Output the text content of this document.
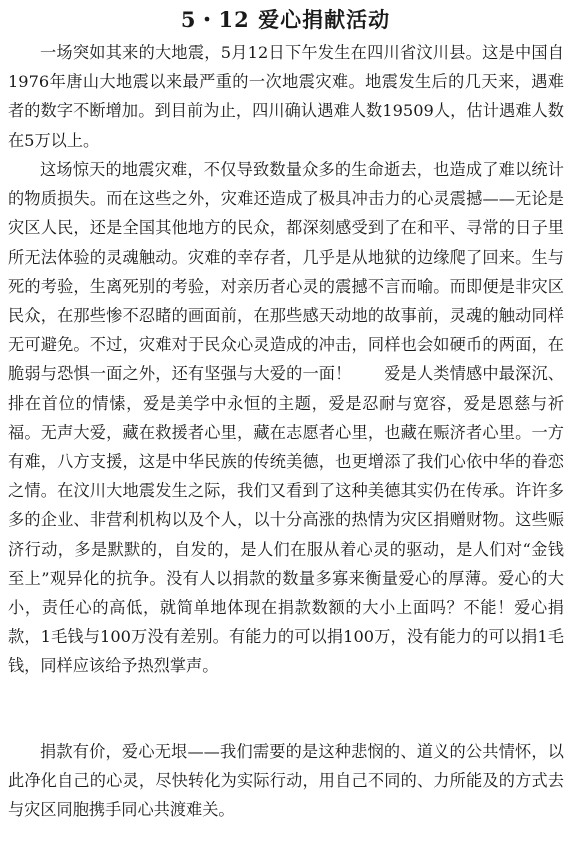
5・12 爱心捐献活动

一场突如其来的大地震，5月12日下午发生在四川省汶川县。这是中国自1976年唐山大地震以来最严重的一次地震灾难。地震发生后的几天来，遇难者的数字不断增加。到目前为止，四川确认遇难人数19509人，估计遇难人数在5万以上。

这场惊天的地震灾难，不仅导致数量众多的生命逝去，也造成了难以统计的物质损失。而在这些之外，灾难还造成了极具冲击力的心灵震撼——无论是灾区人民，还是全国其他地方的民众，都深刻感受到了在和平、寻常的日子里所无法体验的灵魂触动。灾难的幸存者，几乎是从地狱的边缘爬了回来。生与死的考验，生离死别的考验，对亲历者心灵的震撼不言而喻。而即便是非灾区民众，在那些惨不忍睹的画面前，在那些感天动地的故事前，灵魂的触动同样无可避免。不过，灾难对于民众心灵造成的冲击，同样也会如硬币的两面，在脆弱与恐惧一面之外，还有坚强与大爱的一面！　　爱是人类情感中最深沉、排在首位的情愫，爱是美学中永恒的主题，爱是忍耐与宽容，爱是恩慈与祈福。无声大爱，藏在救援者心里，藏在志愿者心里，也藏在赈济者心里。一方有难，八方支援，这是中华民族的传统美德，也更增添了我们心依中华的眷恋之情。在汶川大地震发生之际，我们又看到了这种美德其实仍在传承。许许多多的企业、非营利机构以及个人，以十分高涨的热情为灾区捐赠财物。这些赈济行动，多是默默的，自发的，是人们在服从着心灵的驱动，是人们对“金钱至上”观异化的抗争。没有人以捐款的数量多寡来衡量爱心的厚薄。爱心的大小，责任心的高低，就简单地体现在捐款数额的大小上面吗？不能！爱心捐款，1毛钱与100万没有差别。有能力的可以捐100万，没有能力的可以捐1毛钱，同样应该给予热烈掌声。

捐款有价，爱心无垠——我们需要的是这种悲悯的、道义的公共情怀，以此净化自己的心灵，尽快转化为实际行动，用自己不同的、力所能及的方式去与灾区同胞携手同心共渡难关。
